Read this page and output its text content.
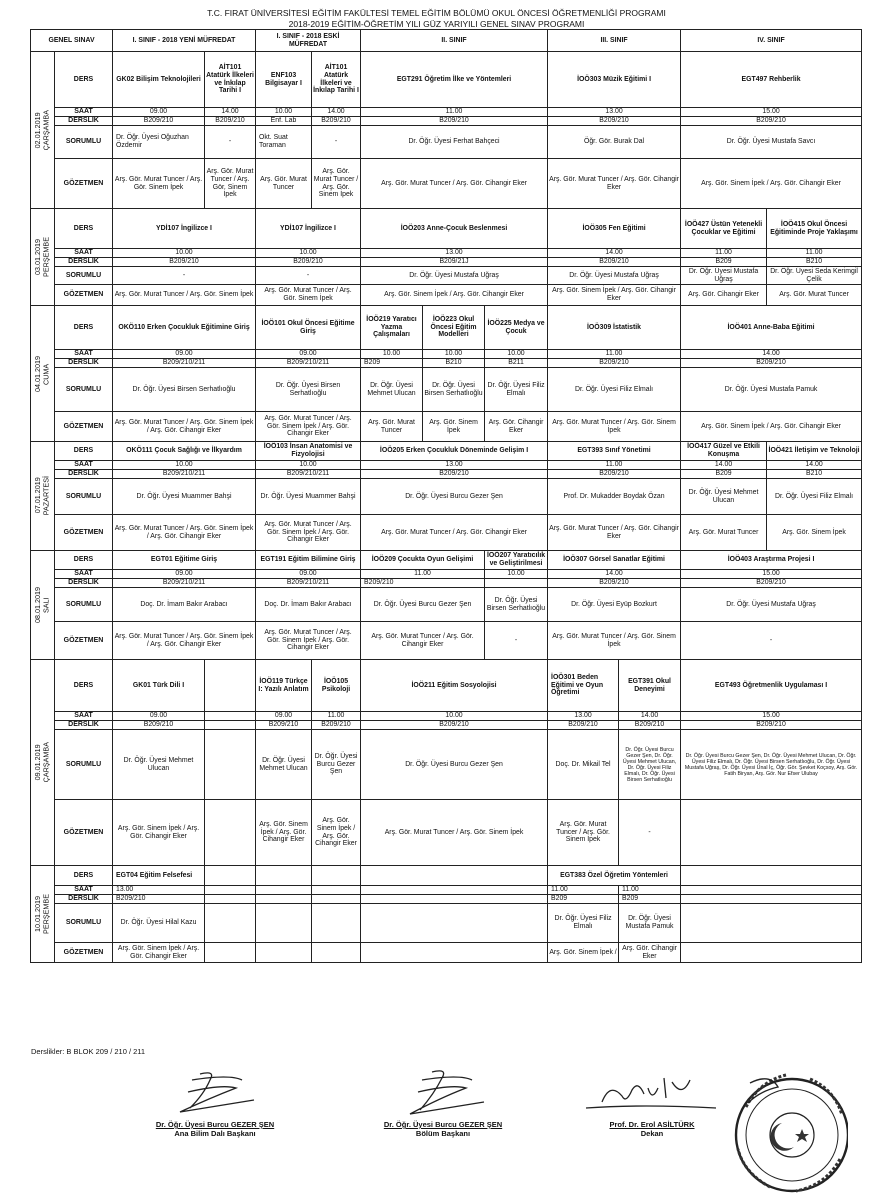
T.C. FIRAT ÜNİVERSİTESİ EĞİTİM FAKÜLTESİ TEMEL EĞİTİM BÖLÜMÜ OKUL ÖNCESİ ÖĞRETMENLİĞİ PROGRAMI
2018-2019 EĞİTİM-ÖĞRETİM YILI GÜZ YARIYILI GENEL SINAV PROGRAMI
GENEL SINAV		I. SINIF - 2018 YENİ MÜFREDAT		I. SINIF - 2018 ESKİ MÜFREDAT		II. SINIF			III. SINIF		IV. SINIF	

02.01.2019
ÇARŞAMBA	DERS	GK02 Bilişim Teknolojileri	AİT101 Atatürk İlkeleri ve İnkılap Tarihi I	ENF103 Bilgisayar I	AİT101 Atatürk İlkeleri ve İnkılap Tarihi I	EGT291 Öğretim İlke ve Yöntemleri			İOÖ303 Müzik Eğitimi I		EGT497 Rehberlik	
	SAAT	09.00	14.00	10.00	14.00	11.00			13.00		15.00	
	DERSLİK	B209/210	B209/210	Enf. Lab	B209/210	B209/210			B209/210		B209/210	
	SORUMLU	Dr. Öğr. Üyesi Oğuzhan Özdemir	-	Okt. Suat Toraman	-	Dr. Öğr. Üyesi Ferhat Bahçeci			Öğr. Gör. Burak Dal		Dr. Öğr. Üyesi Mustafa Savcı	
	GÖZETMEN	Arş. Gör. Murat Tuncer / Arş. Gör. Sinem İpek	Arş. Gör. Murat Tuncer / Arş. Gör. Sinem İpek	Arş. Gör. Murat Tuncer	Arş. Gör. Murat Tuncer / Arş. Gör. Sinem İpek	Arş. Gör. Murat Tuncer / Arş. Gör. Cihangir Eker			Arş. Gör. Murat Tuncer / Arş. Gör. Cihangir Eker		Arş. Gör. Sinem İpek / Arş. Gör. Cihangir Eker	

03.01.2019
PERŞEMBE	DERS	YDİ107 İngilizce I		YDİ107 İngilizce I		İOÖ203 Anne-Çocuk Beslenmesi			İOÖ305 Fen Eğitimi		İOÖ427 Üstün Yetenekli Çocuklar ve Eğitimi	İOÖ415 Okul Öncesi Eğitiminde Proje Yaklaşımı
	SAAT	10.00		10.00		13.00			14.00		11.00	11.00
	DERSLİK	B209/210		B209/210		B209/21J			B209/210		B209	B210
	SORUMLU	-		-		Dr. Öğr. Üyesi Mustafa Uğraş			Dr. Öğr. Üyesi Mustafa Uğraş		Dr. Öğr. Üyesi Mustafa Uğraş	Dr. Öğr. Üyesi Seda Kerimgil Çelik
	GÖZETMEN	Arş. Gör. Murat Tuncer / Arş. Gör. Sinem İpek		Arş. Gör. Murat Tuncer / Arş. Gör. Sinem İpek		Arş. Gör. Sinem İpek / Arş. Gör. Cihangir Eker			Arş. Gör. Sinem İpek / Arş. Gör. Cihangir Eker		Arş. Gör. Cihangir Eker	Arş. Gör. Murat Tuncer

04.01.2019
CUMA	DERS	OKÖ110 Erken Çocukluk Eğitimine Giriş		İOÖ101 Okul Öncesi Eğitime Giriş		İOÖ219 Yaratıcı Yazma Çalışmaları	İOÖ223 Okul Öncesi Eğitim Modelleri	İOÖ225 Medya ve Çocuk	İOÖ309 İstatistik		İOÖ401 Anne-Baba Eğitimi	
	SAAT	09.00		09.00		10.00	10.00	10.00	11.00		14.00	
	DERSLİK	B209/210/211		B209/210/211		B209	B210	B211	B209/210		B209/210	
	SORUMLU	Dr. Öğr. Üyesi Birsen Serhatlıoğlu		Dr. Öğr. Üyesi Birsen Serhatlıoğlu		Dr. Öğr. Üyesi Mehmet Ulucan	Dr. Öğr. Üyesi Birsen Serhatlıoğlu	Dr. Öğr. Üyesi Filiz Elmalı	Dr. Öğr. Üyesi Filiz Elmalı		Dr. Öğr. Üyesi Mustafa Pamuk	
	GÖZETMEN	Arş. Gör. Murat Tuncer / Arş. Gör. Sinem İpek / Arş. Gör. Cihangir Eker		Arş. Gör. Murat Tuncer / Arş. Gör. Sinem İpek / Arş. Gör. Cihangir Eker		Arş. Gör. Murat Tuncer	Arş. Gör. Sinem İpek	Arş. Gör. Cihangir Eker	Arş. Gör. Murat Tuncer / Arş. Gör. Sinem İpek		Arş. Gör. Sinem İpek / Arş. Gör. Cihangir Eker	

07.01.2019
PAZARTESİ	DERS	OKÖ111 Çocuk Sağlığı ve İlkyardım		İOÖ103 İnsan Anatomisi ve Fizyolojisi		İOÖ205 Erken Çocukluk Döneminde Gelişim I			EGT393 Sınıf Yönetimi		İOÖ417 Güzel ve Etkili Konuşma	İOÖ421 İletişim ve Teknoloji
	SAAT	10.00		10.00		13.00			11.00		14.00	14.00
	DERSLİK	B209/210/211		B209/210/211		B209/210			B209/210		B209	B210
	SORUMLU	Dr. Öğr. Üyesi Muammer Bahşi		Dr. Öğr. Üyesi Muammer Bahşi		Dr. Öğr. Üyesi Burcu Gezer Şen			Prof. Dr. Mukadder Boydak Özan		Dr. Öğr. Üyesi Mehmet Ulucan	Dr. Öğr. Üyesi Filiz Elmalı
	GÖZETMEN	Arş. Gör. Murat Tuncer / Arş. Gör. Sinem İpek / Arş. Gör. Cihangir Eker		Arş. Gör. Murat Tuncer / Arş. Gör. Sinem İpek / Arş. Gör. Cihangir Eker		Arş. Gör. Murat Tuncer / Arş. Gör. Cihangir Eker			Arş. Gör. Murat Tuncer / Arş. Gör. Cihangir Eker		Arş. Gör. Murat Tuncer	Arş. Gör. Sinem İpek

08.01.2019
SALI	DERS	EGT01 Eğitime Giriş		EGT191 Eğitim Bilimine Giriş		İOÖ209 Çocukta Oyun Gelişimi		İOÖ207 Yaratıcılık ve Geliştirilmesi	İOÖ307 Görsel Sanatlar Eğitimi		İOÖ403 Araştırma Projesi I	
	SAAT	09.00		09.00		11.00		10.00	14.00		15.00	
	DERSLİK	B209/210/211		B209/210/211		B209/210			B209/210		B209/210	
	SORUMLU	Doç. Dr. İmam Bakır Arabacı		Doç. Dr. İmam Bakır Arabacı		Dr. Öğr. Üyesi Burcu Gezer Şen		Dr. Öğr. Üyesi Birsen Serhatlıoğlu	Dr. Öğr. Üyesi Eyüp Bozkurt		Dr. Öğr. Üyesi Mustafa Uğraş	
	GÖZETMEN	Arş. Gör. Murat Tuncer / Arş. Gör. Sinem İpek / Arş. Gör. Cihangir Eker		Arş. Gör. Murat Tuncer / Arş. Gör. Sinem İpek / Arş. Gör. Cihangir Eker		Arş. Gör. Murat Tuncer / Arş. Gör. Cihangir Eker		-	Arş. Gör. Murat Tuncer / Arş. Gör. Sinem İpek		-	

09.01.2019
ÇARŞAMBA	DERS	GK01 Türk Dili I		İOÖ119 Türkçe I: Yazılı Anlatım	İOÖ105 Psikoloji	İOÖ211 Eğitim Sosyolojisi			İOÖ301 Beden Eğitimi ve Oyun Öğretimi	EGT391 Okul Deneyimi	EGT493 Öğretmenlik Uygulaması I	
	SAAT	09.00		09.00	11.00	10.00			13.00	14.00	15.00	
	DERSLİK	B209/210		B209/210	B209/210	B209/210			B209/210	B209/210	B209/210	
	SORUMLU	Dr. Öğr. Üyesi Mehmet Ulucan		Dr. Öğr. Üyesi Mehmet Ulucan	Dr. Öğr. Üyesi Burcu Gezer Şen	Dr. Öğr. Üyesi Burcu Gezer Şen			Doç. Dr. Mikail Tel	Dr. Öğr. Üyesi Burcu Gezer Şen, Dr. Öğr. Üyesi Mehmet Ulucan, Dr. Öğr. Üyesi Filiz Elmalı, Dr. Öğr. Üyesi Birsen Serhatlıoğlu	Dr. Öğr. Üyesi Burcu Gezer Şen, Dr. Öğr. Üyesi Mehmet Ulucan, Dr. Öğr. Üyesi Filiz Elmalı, Dr. Öğr. Üyesi Birsen Serhatlıoğlu, Dr. Öğr. Üyesi Mustafa Uğraş, Dr. Öğr. Üyesi Ünal İç, Öğr. Gör. Şevket Koçsoy, Arş. Gör. Fatih Biryan, Arş. Gör. Nur Efser Ulubay	
	GÖZETMEN	Arş. Gör. Sinem İpek / Arş. Gör. Cihangir Eker		Arş. Gör. Sinem İpek / Arş. Gör. Cihangir Eker	Arş. Gör. Sinem İpek / Arş. Gör. Cihangir Eker	Arş. Gör. Murat Tuncer / Arş. Gör. Sinem İpek			Arş. Gör. Murat Tuncer / Arş. Gör. Sinem İpek	-		

10.01.2019
PERŞEMBE	DERS	EGT04 Eğitim Felsefesi							EGT383 Özel Öğretim Yöntemleri			
	SAAT	13.00							11.00	11.00		
	DERSLİK	B209/210							B209	B209		
	SORUMLU	Dr. Öğr. Üyesi Hilal Kazu							Dr. Öğr. Üyesi Filiz Elmalı	Dr. Öğr. Üyesi Mustafa Pamuk		
	GÖZETMEN	Arş. Gör. Sinem İpek / Arş. Gör. Cihangir Eker							Arş. Gör. Sinem İpek /	Arş. Gör. Cihangir Eker		
Derslikler: B BLOK 209 / 210 / 211
Dr. Öğr. Üyesi Burcu GEZER ŞEN
Ana Bilim Dalı Başkanı
Dr. Öğr. Üyesi Burcu GEZER ŞEN
Bölüm Başkanı
Prof. Dr. Erol ASİLTÜRK
Dekan
